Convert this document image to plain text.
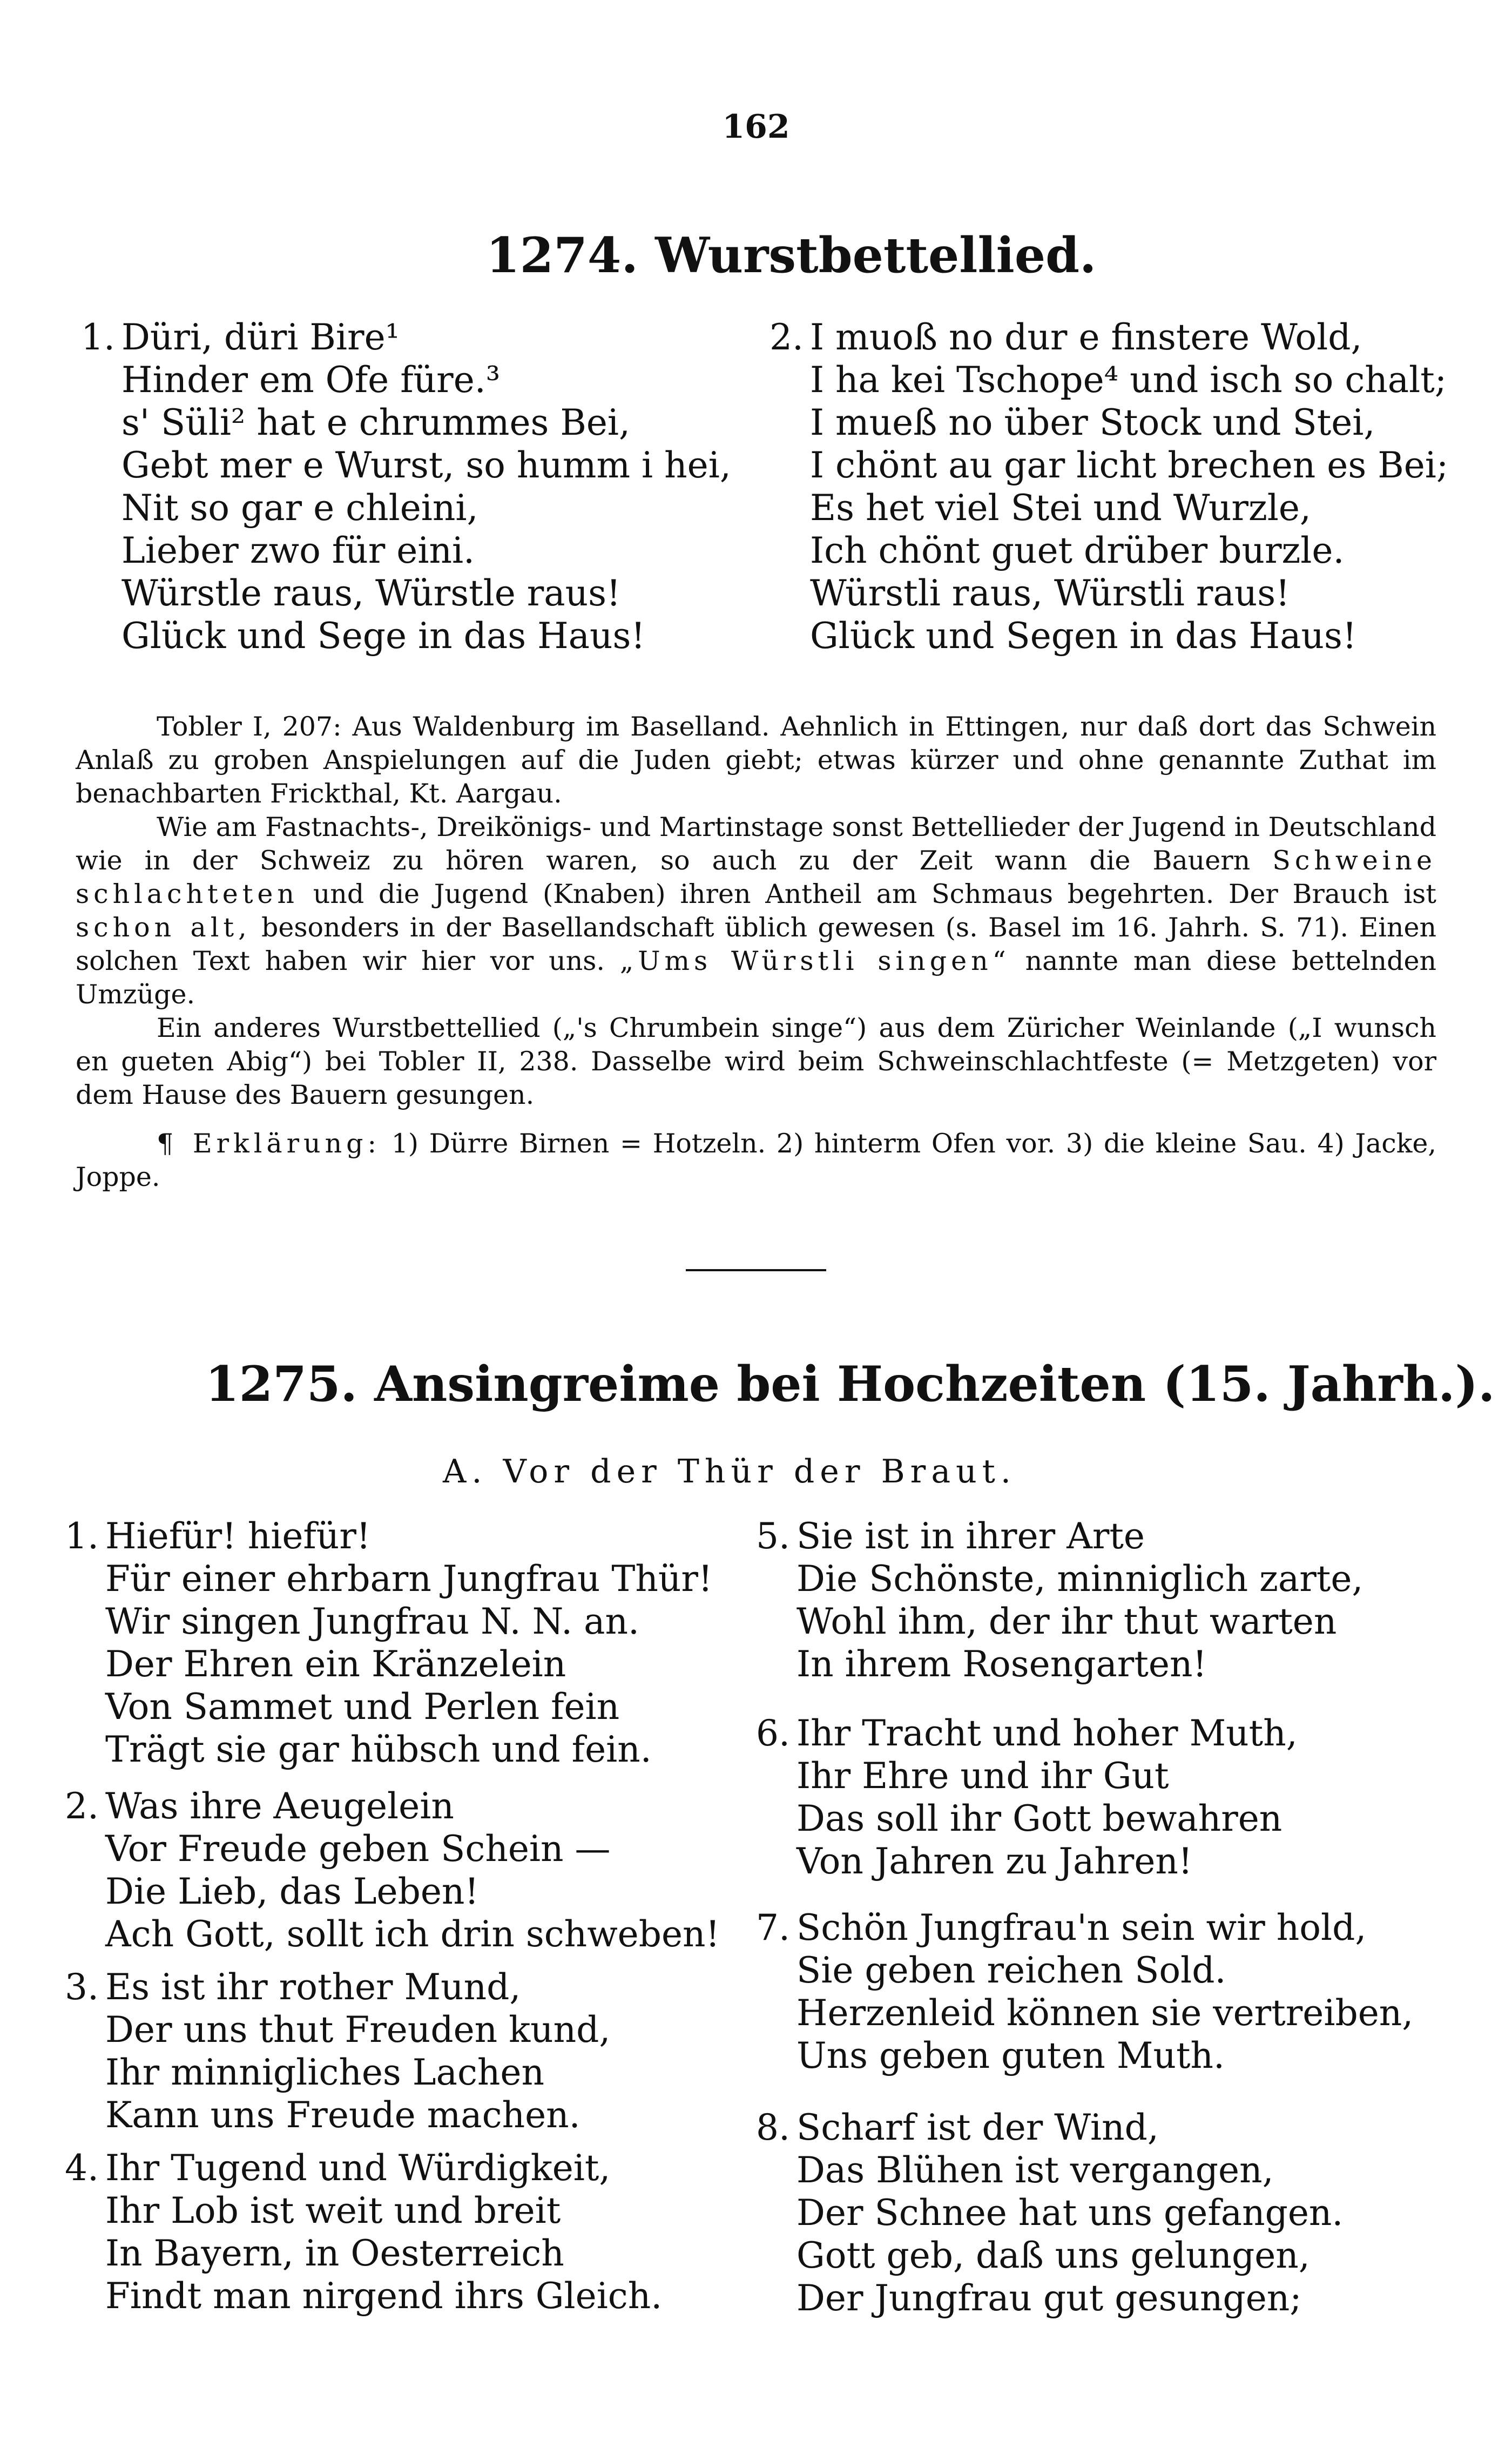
162
1274. Wurstbettellied.
1. Düri, düri Bire¹
Hinder em Ofe füre.³
s' Süli² hat e chrummes Bei,
Gebt mer e Wurst, so humm i hei,
Nit so gar e chleini,
Lieber zwo für eini.
Würstle raus, Würstle raus!
Glück und Sege in das Haus!
2. I muoß no dur e finstere Wold,
I ha kei Tschope⁴ und isch so chalt;
I mueß no über Stock und Stei,
I chönt au gar licht brechen es Bei;
Es het viel Stei und Wurzle,
Ich chönt guet drüber burzle.
Würstli raus, Würstli raus!
Glück und Segen in das Haus!

Tobler I, 207: Aus Waldenburg im Baselland. Aehnlich in Ettingen, nur daß dort das Schwein Anlaß zu groben Anspielungen auf die Juden giebt; etwas kürzer und ohne genannte Zuthat im benachbarten Frickthal, Kt. Aargau.

Wie am Fastnachts-, Dreikönigs- und Martinstage sonst Bettellieder der Jugend in Deutschland wie in der Schweiz zu hören waren, so auch zu der Zeit wann die Bauern Schweine schlachteten und die Jugend (Knaben) ihren Antheil am Schmaus begehrten. Der Brauch ist schon alt, besonders in der Basellandschaft üblich gewesen (s. Basel im 16. Jahrh. S. 71). Einen solchen Text haben wir hier vor uns. „Ums Würstli singen“ nannte man diese bettelnden Umzüge.

Ein anderes Wurstbettellied („'s Chrumbein singe“) aus dem Züricher Weinlande („I wunsch en gueten Abig“) bei Tobler II, 238. Dasselbe wird beim Schweinschlachtfeste (= Metzgeten) vor dem Hause des Bauern gesungen.

¶ Erklärung: 1) Dürre Birnen = Hotzeln. 2) hinterm Ofen vor. 3) die kleine Sau. 4) Jacke, Joppe.

1275. Ansingreime bei Hochzeiten (15. Jahrh.).
A. Vor der Thür der Braut.
1. Hiefür! hiefür!
Für einer ehrbarn Jungfrau Thür!
Wir singen Jungfrau N. N. an.
Der Ehren ein Kränzelein
Von Sammet und Perlen fein
Trägt sie gar hübsch und fein.
2. Was ihre Aeugelein
Vor Freude geben Schein —
Die Lieb, das Leben!
Ach Gott, sollt ich drin schweben!
3. Es ist ihr rother Mund,
Der uns thut Freuden kund,
Ihr minnigliches Lachen
Kann uns Freude machen.
4. Ihr Tugend und Würdigkeit,
Ihr Lob ist weit und breit
In Bayern, in Oesterreich
Findt man nirgend ihrs Gleich.
5. Sie ist in ihrer Arte
Die Schönste, minniglich zarte,
Wohl ihm, der ihr thut warten
In ihrem Rosengarten!
6. Ihr Tracht und hoher Muth,
Ihr Ehre und ihr Gut
Das soll ihr Gott bewahren
Von Jahren zu Jahren!
7. Schön Jungfrau'n sein wir hold,
Sie geben reichen Sold.
Herzenleid können sie vertreiben,
Uns geben guten Muth.
8. Scharf ist der Wind,
Das Blühen ist vergangen,
Der Schnee hat uns gefangen.
Gott geb, daß uns gelungen,
Der Jungfrau gut gesungen;
